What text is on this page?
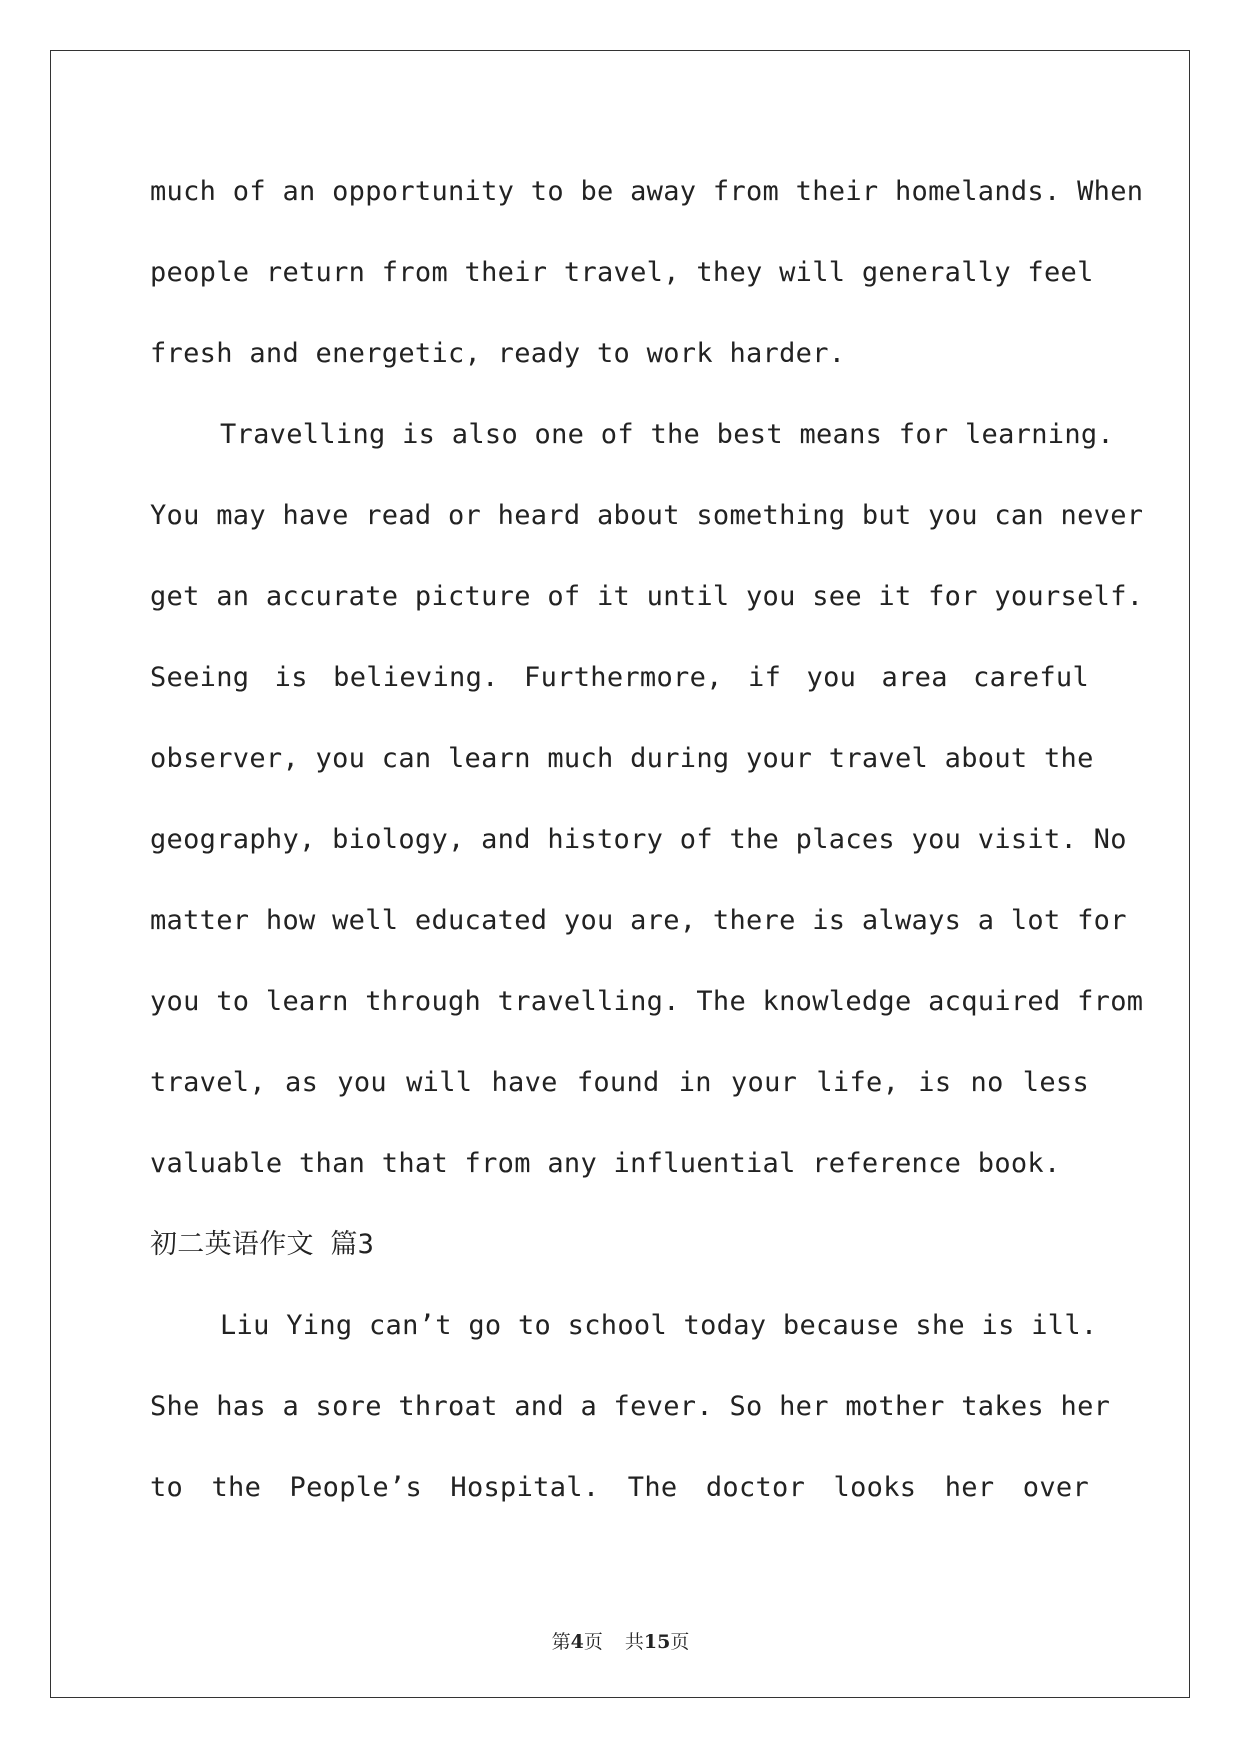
much of an opportunity to be away from their homelands. When
people return from their travel, they will generally feel
fresh and energetic, ready to work harder.
Travelling is also one of the best means for learning.
You may have read or heard about something but you can never
get an accurate picture of it until you see it for yourself.
Seeing is believing. Furthermore, if you area careful
observer, you can learn much during your travel about the
geography, biology, and history of the places you visit. No
matter how well educated you are, there is always a lot for
you to learn through travelling. The knowledge acquired from
travel, as you will have found in your life, is no less
valuable than that from any influential reference book.
初二英语作文 篇3
Liu Ying can’t go to school today because she is ill.
She has a sore throat and a fever. So her mother takes her
to the People’s Hospital. The doctor looks her over
第4页 共15页
